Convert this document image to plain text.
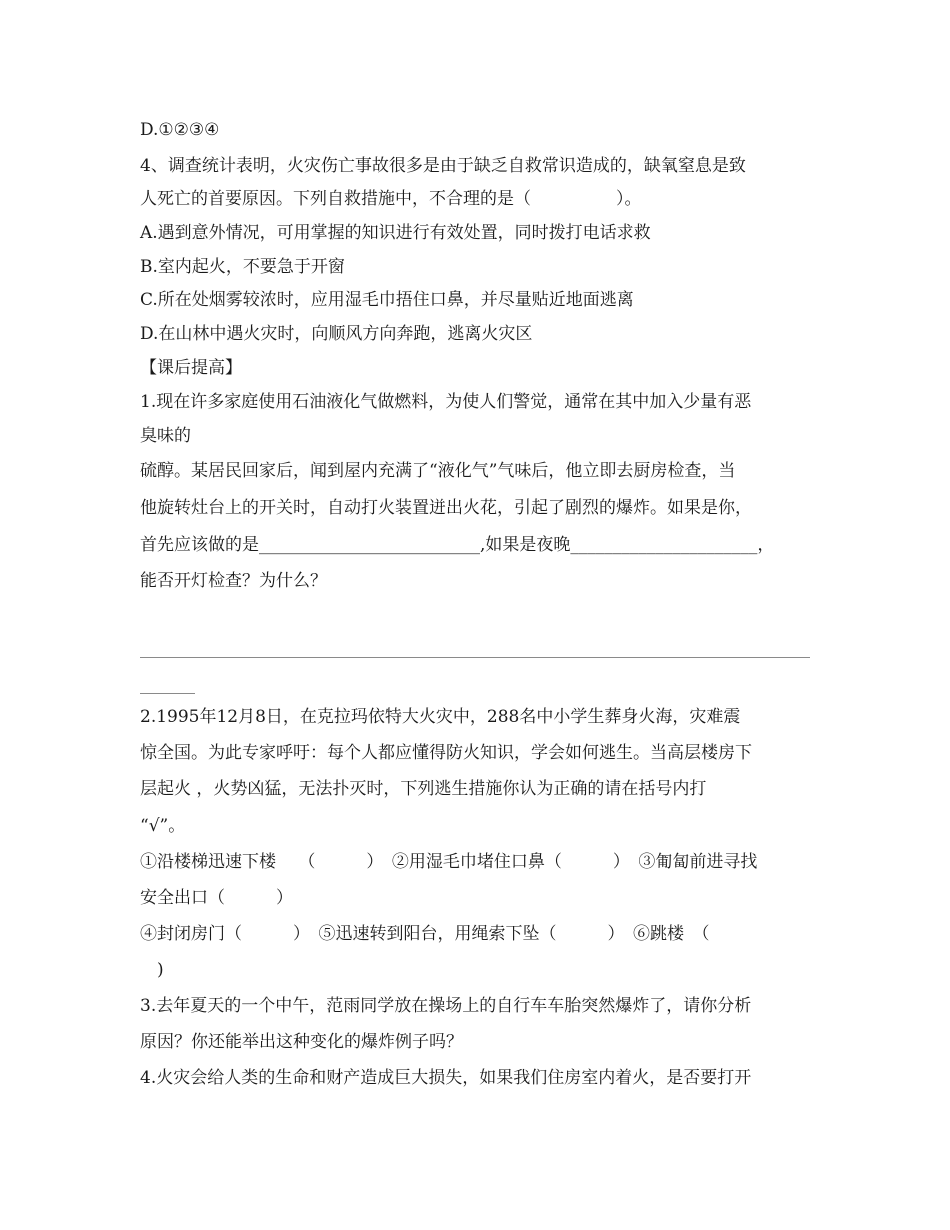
D.①②③④
4、调查统计表明，火灾伤亡事故很多是由于缺乏自救常识造成的，缺氧窒息是致
人死亡的首要原因。下列自救措施中，不合理的是（　　　　　）。
A.遇到意外情况，可用掌握的知识进行有效处置，同时拨打电话求救
B.室内起火，不要急于开窗
C.所在处烟雾较浓时，应用湿毛巾捂住口鼻，并尽量贴近地面逃离
D.在山林中遇火灾时，向顺风方向奔跑，逃离火灾区
【课后提高】
1.现在许多家庭使用石油液化气做燃料，为使人们警觉，通常在其中加入少量有恶
臭味的
硫醇。某居民回家后，闻到屋内充满了“液化气”气味后，他立即去厨房检查，当
他旋转灶台上的开关时，自动打火装置迸出火花，引起了剧烈的爆炸。如果是你，
首先应该做的是__________________________,如果是夜晚______________________，
能否开灯检查？为什么？
2.1995年12月8日，在克拉玛依特大火灾中，288名中小学生葬身火海，灾难震
惊全国。为此专家呼吁：每个人都应懂得防火知识，学会如何逃生。当高层楼房下
层起火 ，火势凶猛，无法扑灭时，下列逃生措施你认为正确的请在括号内打
“√”。
①沿楼梯迅速下楼　 （　　　）　②用湿毛巾堵住口鼻（　　　）　③匍匐前进寻找
安全出口（　　　）
④封闭房门（　　　）　⑤迅速转到阳台，用绳索下坠（　　　）　⑥跳楼　（
　)
3.去年夏天的一个中午，范雨同学放在操场上的自行车车胎突然爆炸了，请你分析
原因？你还能举出这种变化的爆炸例子吗？
4.火灾会给人类的生命和财产造成巨大损失，如果我们住房室内着火，是否要打开
